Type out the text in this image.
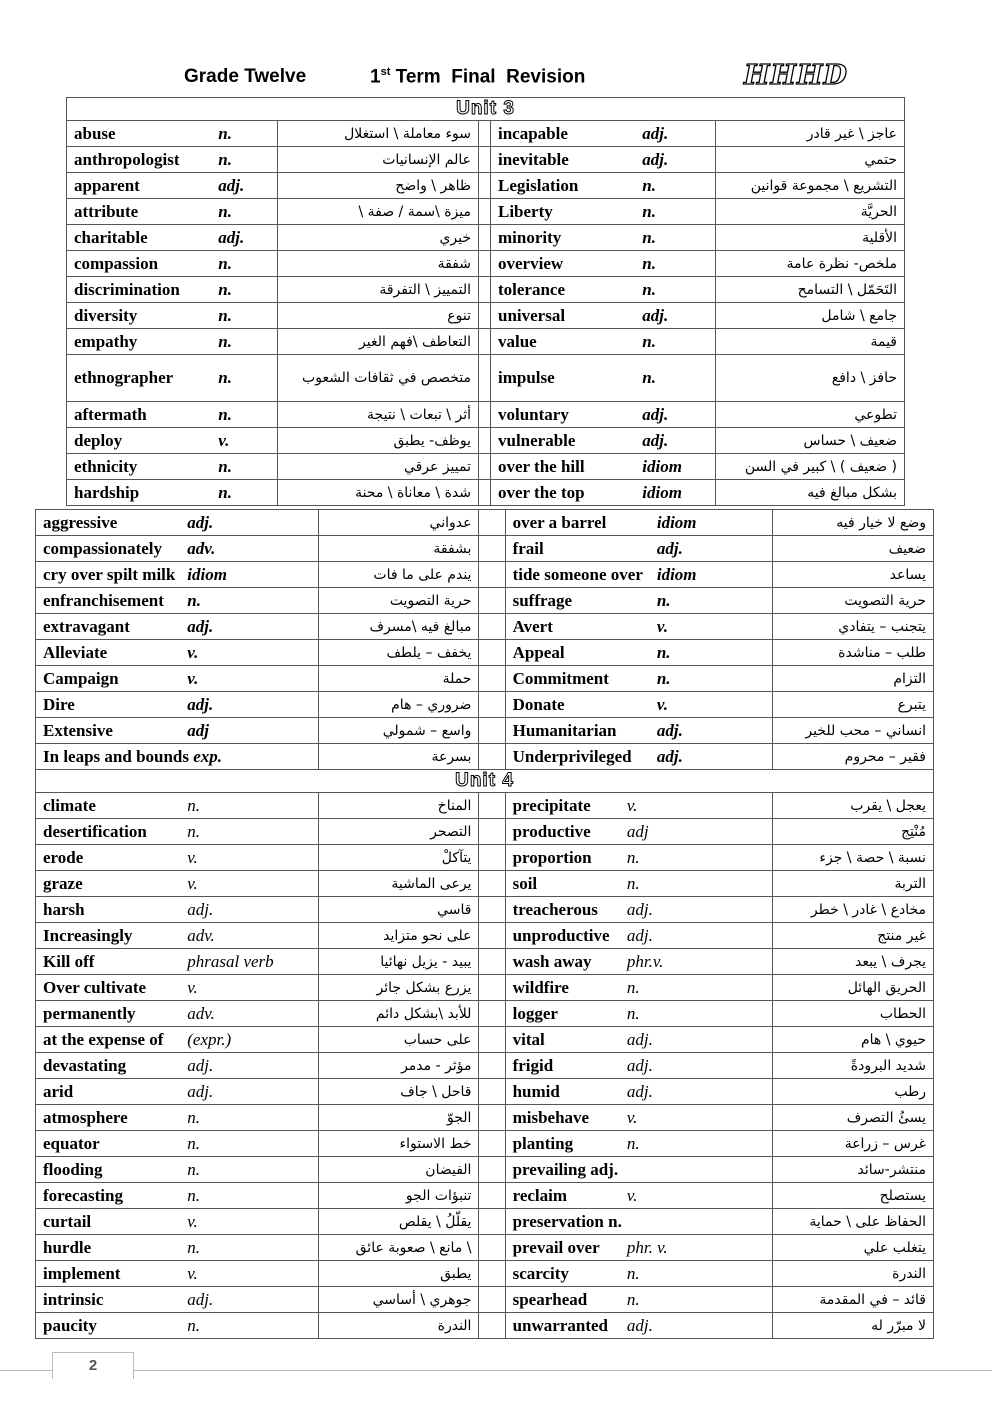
Grade Twelve	1st Term  Final  Revision	HHHD
Unit 3				
abuse n.	سوء معاملة \ استغلال		incapable adj.	عاجز \ غير قادر
anthropologist n.	عالم الإنسانيات		inevitable adj.	حتمي
apparent adj.	ظاهر \ واضح		Legislation n.	التشريع \ مجموعة قوانين
attribute n.	ميزة \سمة / صفة \		Liberty n.	الحريَّة
charitable adj.	خيري		minority n.	الأقلية
compassion n.	شفقة		overview n.	ملخص- نظرة عامة
discrimination n.	التمييز \ التفرقة		tolerance n.	التَحَمّل \ التسامح
diversity n.	تنوع		universal adj.	جامع \ شامل
empathy n.	التعاطف \فهم الغير		value n.	قيمة
ethnographer n.	متخصص في ثقافات الشعوب		impulse n.	حافز \ دافع
aftermath n.	أثر \ تبعات \ نتيجة		voluntary adj.	تطوعي
deploy v.	يوظف- يطبق		vulnerable adj.	ضعيف \ حساس
ethnicity n.	تمييز عرقي		over the hill idiom	( ضعيف ) \ كبير في السن
hardship n.	شدة \ معاناة \ محنة		over the top idiom	بشكل مبالغ فيه
aggressive adj.	عدواني		over a barrel idiom	وضع لا خيار فيه
compassionately adv.	بشفقة		frail adj.	ضعيف
cry over spilt milk idiom	يندم على ما فات		tide someone over idiom	يساعد
enfranchisement n.	حرية التصويت		suffrage n.	حرية التصويت
extravagant adj.	مبالغ فيه \مسرف		Avert v.	يتجنب – يتفادي
Alleviate v.	يخفف – يلطف		Appeal n.	طلب – مناشدة
Campaign v.	حملة		Commitment n.	التزام
Dire adj.	ضروري – هام		Donate v.	يتبرع
Extensive adj	واسع – شمولي		Humanitarian adj.	انساني – محب للخير
In leaps and bounds exp.	بسرعة		Underprivileged adj.	فقير – محروم
Unit 4				
climate n.	المناخ		precipitate v.	يعجل \ يقرب
desertification n.	التصحر		productive adj	مُنْتِج
erode v.	يتآكلْ		proportion n.	نسبة \ حصة \ جزء
graze v.	يرعى الماشية		soil n.	التربة
harsh adj.	قاسي		treacherous adj.	مخادع \ غادر \ خطر
Increasingly adv.	على نحو متزايد		unproductive adj.	غير منتج
Kill off phrasal verb	يبيد - يزيل نهائيا		wash away phr.v.	يجرف \ يبعد
Over cultivate v.	يزرع بشكل جائر		wildfire n.	الحريق الهائل
permanently adv.	للأبد \بشكل دائم		logger n.	الحطاب
at the expense of (expr.)	على حساب		vital adj.	حيوي \ هام
devastating adj.	مؤثر - مدمر		frigid adj.	شديد البرودةً
arid adj.	قاحل \ جاف		humid adj.	رطب
atmosphere n.	الجوّ		misbehave v.	يسئُ التصرف
equator n.	خط الاستواء		planting n.	غرس – زراعة
flooding n.	الفيضان		prevailing adj.	منتشر-سائد
forecasting n.	تنبؤات الجو		reclaim v.	يستصلح
curtail v.	يقلّلُ \ يقلص		preservation n.	الحفاظ على \ حماية
hurdle n.	\ مانع \ صعوبة عائق		prevail over phr. v.	يتغلب علي
implement v.	يطبق		scarcity n.	الندرة
intrinsic adj.	جوهري \ أساسي		spearhead n.	قائد – في المقدمة
paucity n.	الندرة		unwarranted adj.	لا مبرّر له
2
